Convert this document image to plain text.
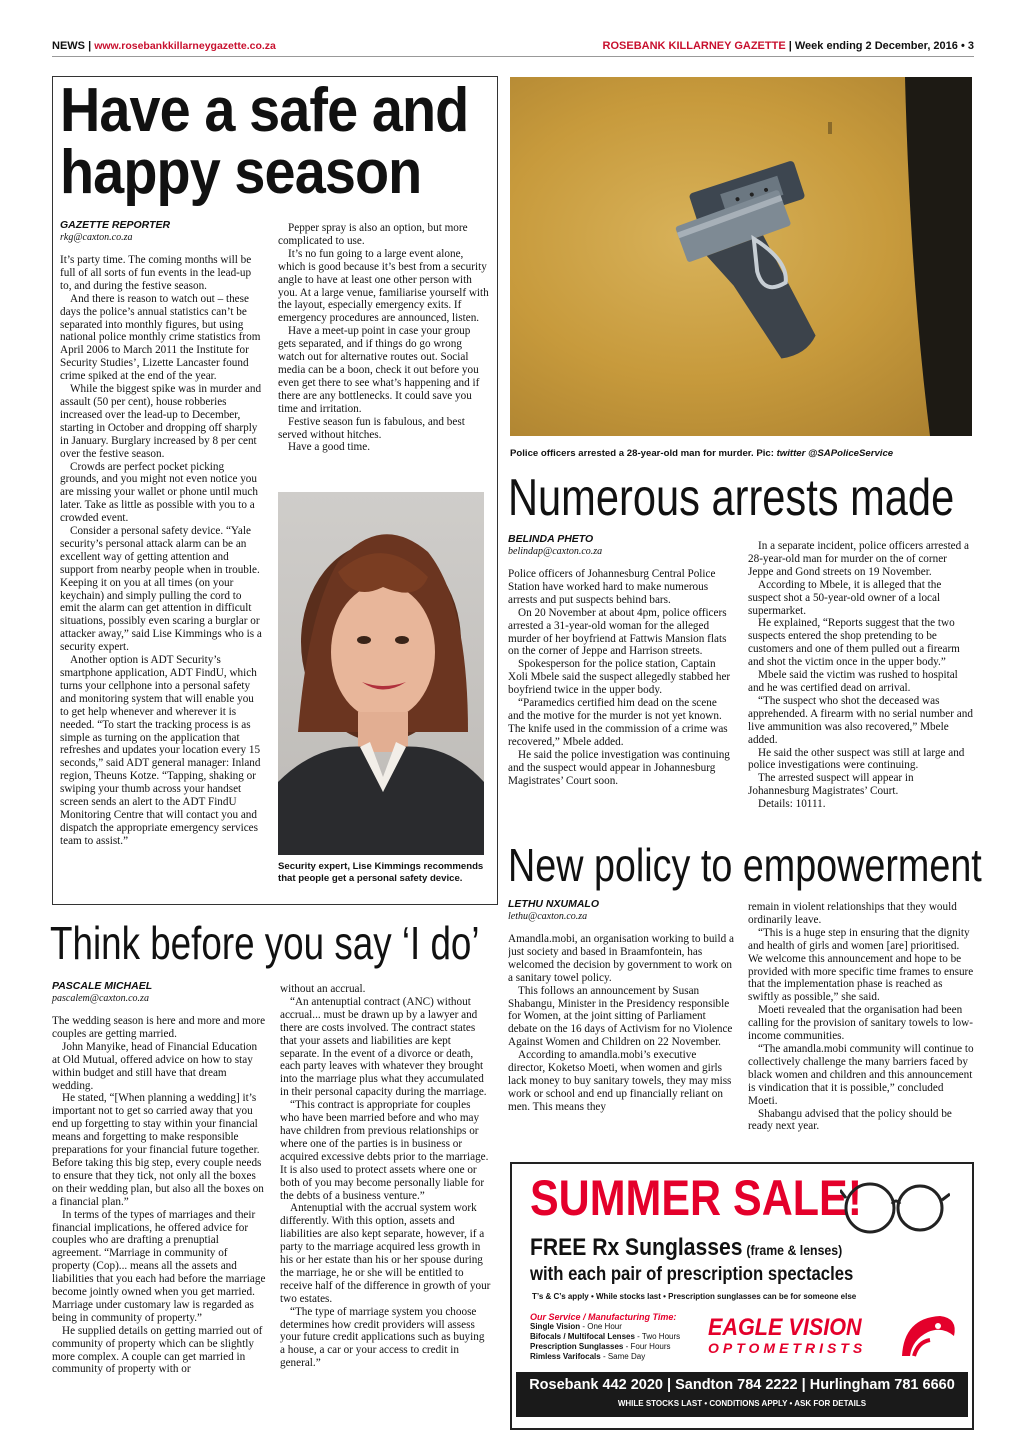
NEWS | www.rosebankkillarneygazette.co.za	ROSEBANK KILLARNEY GAZETTE | Week ending 2 December, 2016 • 3
Have a safe and
happy season
GAZETTE REPORTER
rkg@caxton.co.za

It’s party time. The coming months will be full of all sorts of fun events in the lead-up to, and during the festive season.

And there is reason to watch out – these days the police’s annual statistics can’t be separated into monthly figures, but using national police monthly crime statistics from April 2006 to March 2011 the Institute for Security Studies’, Lizette Lancaster found crime spiked at the end of the year.

While the biggest spike was in murder and assault (50 per cent), house robberies increased over the lead-up to December, starting in October and dropping off sharply in January. Burglary increased by 8 per cent over the festive season.

Crowds are perfect pocket picking grounds, and you might not even notice you are missing your wallet or phone until much later. Take as little as possible with you to a crowded event.

Consider a personal safety device. “Yale security’s personal attack alarm can be an excellent way of getting attention and support from nearby people when in trouble. Keeping it on you at all times (on your keychain) and simply pulling the cord to emit the alarm can get attention in difficult situations, possibly even scaring a burglar or attacker away,” said Lise Kimmings who is a security expert.

Another option is ADT Security’s smartphone application, ADT FindU, which turns your cellphone into a personal safety and monitoring system that will enable you to get help whenever and wherever it is needed. “To start the tracking process is as simple as turning on the application that refreshes and updates your location every 15 seconds,” said ADT general manager: Inland region, Theuns Kotze. “Tapping, shaking or swiping your thumb across your handset screen sends an alert to the ADT FindU Monitoring Centre that will contact you and dispatch the appropriate emergency services team to assist.”

Pepper spray is also an option, but more complicated to use.

It’s no fun going to a large event alone, which is good because it’s best from a security angle to have at least one other person with you. At a large venue, familiarise yourself with the layout, especially emergency exits. If emergency procedures are announced, listen.

Have a meet-up point in case your group gets separated, and if things do go wrong watch out for alternative routes out. Social media can be a boon, check it out before you even get there to see what’s happening and if there are any bottlenecks. It could save you time and irritation.

Festive season fun is fabulous, and best served without hitches.

Have a good time.

Security expert, Lise Kimmings recommends that people get a personal safety device.
Police officers arrested a 28-year-old man for murder. Pic: twitter @SAPoliceService
Numerous arrests made
BELINDA PHETO
belindap@caxton.co.za

Police officers of Johannesburg Central Police Station have worked hard to make numerous arrests and put suspects behind bars.

On 20 November at about 4pm, police officers arrested a 31-year-old woman for the alleged murder of her boyfriend at Fattwis Mansion flats on the corner of Jeppe and Harrison streets.

Spokesperson for the police station, Captain Xoli Mbele said the suspect allegedly stabbed her boyfriend twice in the upper body.

“Paramedics certified him dead on the scene and the motive for the murder is not yet known. The knife used in the commission of a crime was recovered,” Mbele added.

He said the police investigation was continuing and the suspect would appear in Johannesburg Magistrates’ Court soon.

In a separate incident, police officers arrested a 28-year-old man for murder on the of corner Jeppe and Gond streets on 19 November.

According to Mbele, it is alleged that the suspect shot a 50-year-old owner of a local supermarket.

He explained, “Reports suggest that the two suspects entered the shop pretending to be customers and one of them pulled out a firearm and shot the victim once in the upper body.”

Mbele said the victim was rushed to hospital and he was certified dead on arrival.

“The suspect who shot the deceased was apprehended. A firearm with no serial number and live ammunition was also recovered,” Mbele added.

He said the other suspect was still at large and police investigations were continuing.

The arrested suspect will appear in Johannesburg Magistrates’ Court.

Details: 10111.

New policy to empowerment
LETHU NXUMALO
lethu@caxton.co.za

Amandla.mobi, an organisation working to build a just society and based in Braamfontein, has welcomed the decision by government to work on a sanitary towel policy.

This follows an announcement by Susan Shabangu, Minister in the Presidency responsible for Women, at the joint sitting of Parliament debate on the 16 days of Activism for no Violence Against Women and Children on 22 November.

According to amandla.mobi’s executive director, Koketso Moeti, when women and girls lack money to buy sanitary towels, they may miss work or school and end up financially reliant on men. This means they

remain in violent relationships that they would ordinarily leave.

“This is a huge step in ensuring that the dignity and health of girls and women [are] prioritised. We welcome this announcement and hope to be provided with more specific time frames to ensure that the implementation phase is reached as swiftly as possible,” she said.

Moeti revealed that the organisation had been calling for the provision of sanitary towels to low-income communities.

“The amandla.mobi community will continue to collectively challenge the many barriers faced by black women and children and this announcement is vindication that it is possible,” concluded Moeti.

Shabangu advised that the policy should be ready next year.

Think before you say ‘I do’
PASCALE MICHAEL
pascalem@caxton.co.za

The wedding season is here and more and more couples are getting married.

John Manyike, head of Financial Education at Old Mutual, offered advice on how to stay within budget and still have that dream wedding.

He stated, “[When planning a wedding] it’s important not to get so carried away that you end up forgetting to stay within your financial means and forgetting to make responsible preparations for your financial future together. Before taking this big step, every couple needs to ensure that they tick, not only all the boxes on their wedding plan, but also all the boxes on a financial plan.”

In terms of the types of marriages and their financial implications, he offered advice for couples who are drafting a prenuptial agreement. “Marriage in community of property (Cop)... means all the assets and liabilities that you each had before the marriage become jointly owned when you get married. Marriage under customary law is regarded as being in community of property.”

He supplied details on getting married out of community of property which can be slightly more complex. A couple can get married in community of property with or

without an accrual.

“An antenuptial contract (ANC) without accrual... must be drawn up by a lawyer and there are costs involved. The contract states that your assets and liabilities are kept separate. In the event of a divorce or death, each party leaves with whatever they brought into the marriage plus what they accumulated in their personal capacity during the marriage.

“This contract is appropriate for couples who have been married before and who may have children from previous relationships or where one of the parties is in business or acquired excessive debts prior to the marriage. It is also used to protect assets where one or both of you may become personally liable for the debts of a business venture.”

Antenuptial with the accrual system work differently. With this option, assets and liabilities are also kept separate, however, if a party to the marriage acquired less growth in his or her estate than his or her spouse during the marriage, he or she will be entitled to receive half of the difference in growth of your two estates.

“The type of marriage system you choose determines how credit providers will assess your future credit applications such as buying a house, a car or your access to credit in general.”

SUMMER SALE!
FREE Rx Sunglasses (frame & lenses)
with each pair of prescription spectacles
T’s & C’s apply • While stocks last • Prescription sunglasses can be for someone else
Our Service / Manufacturing Time:
Single Vision - One Hour
Bifocals / Multifocal Lenses - Two Hours
Prescription Sunglasses - Four Hours
Rimless Varifocals - Same Day
EAGLE VISION
OPTOMETRISTS
Rosebank 442 2020 | Sandton 784 2222 | Hurlingham 781 6660
WHILE STOCKS LAST • CONDITIONS APPLY • ASK FOR DETAILS
